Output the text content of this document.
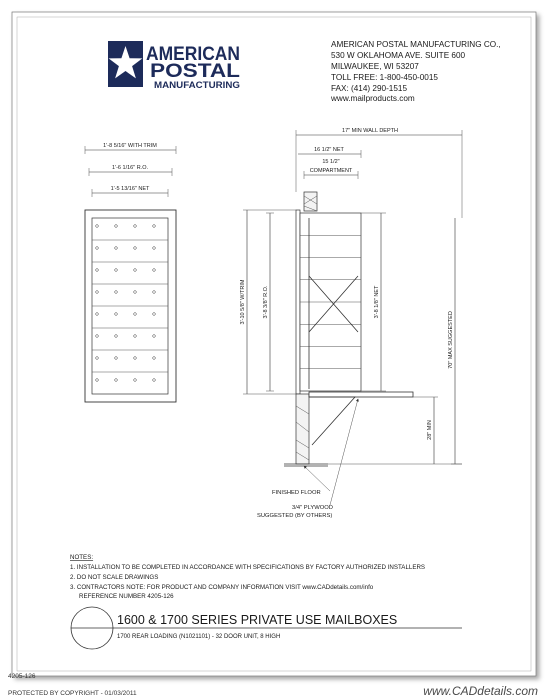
AMERICAN
POSTAL
MANUFACTURING
AMERICAN POSTAL MANUFACTURING CO.,
530 W OKLAHOMA AVE. SUITE 600
MILWAUKEE, WI 53207
TOLL FREE: 1-800-450-0015
FAX: (414) 290-1515
www.mailproducts.com
1'-8 5/16" WITH TRIM
1'-6 1/16" R.O.
1'-5 13/16" NET
17" MIN WALL DEPTH
16 1/2" NET
15 1/2"
COMPARTMENT
3'-10 5/8" W/TRIM	3'-8 3/8" R.O.	3'-8 1/8" NET
70" MAX SUGGESTED
28" MIN
FINISHED FLOOR
3/4" PLYWOOD
SUGGESTED (BY OTHERS)
NOTES:
1. INSTALLATION TO BE COMPLETED IN ACCORDANCE WITH SPECIFICATIONS BY FACTORY AUTHORIZED INSTALLERS
2. DO NOT SCALE DRAWINGS
3. CONTRACTORS NOTE: FOR PRODUCT AND COMPANY INFORMATION VISIT www.CADdetails.com/info
REFERENCE NUMBER 4205-126
1600 & 1700 SERIES PRIVATE USE MAILBOXES
1700 REAR LOADING (N1021101) - 32 DOOR UNIT, 8 HIGH
4205-126
PROTECTED BY COPYRIGHT - 01/03/2011	www.CADdetails.com
